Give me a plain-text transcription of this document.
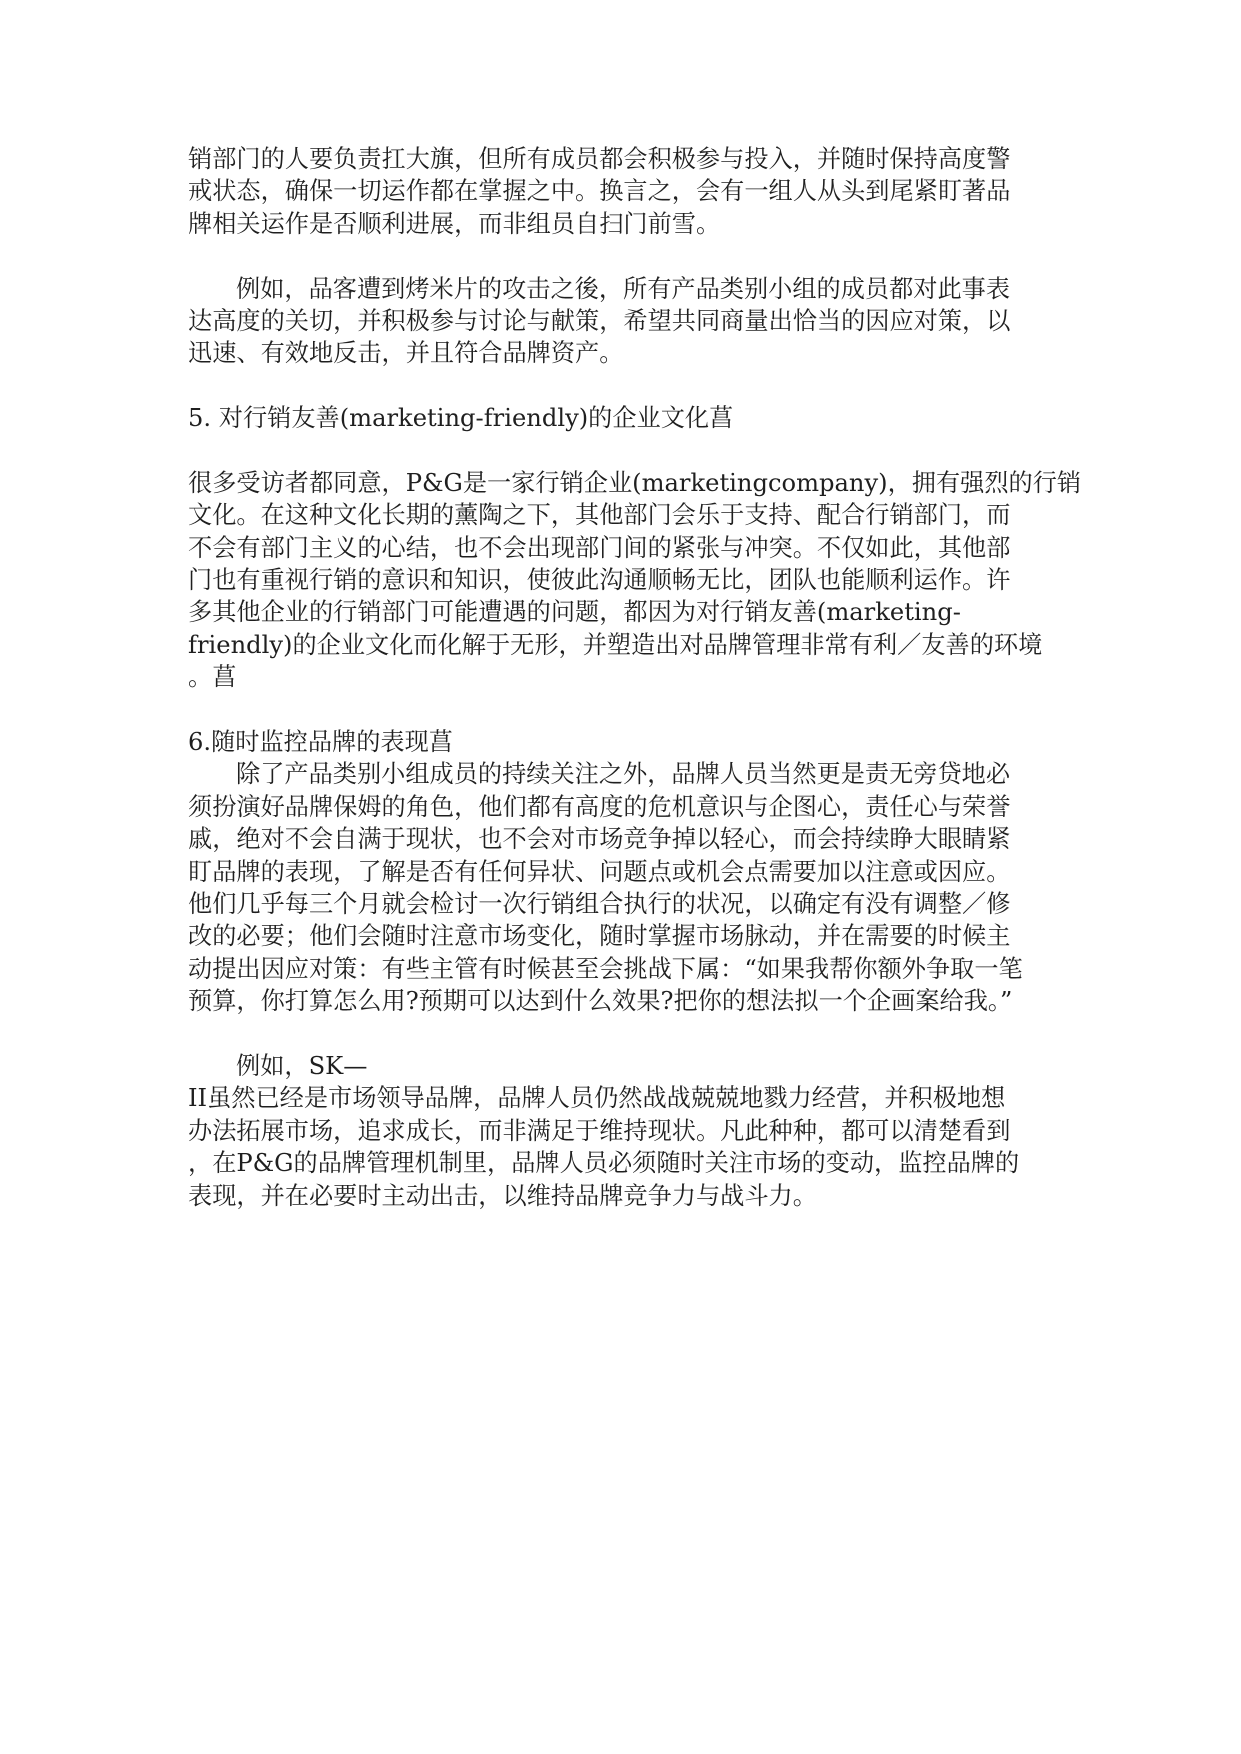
销部门的人要负责扛大旗，但所有成员都会积极参与投入，并随时保持高度警
戒状态，确保一切运作都在掌握之中。换言之，会有一组人从头到尾紧盯著品
牌相关运作是否顺利进展，而非组员自扫门前雪。
例如，品客遭到烤米片的攻击之後，所有产品类别小组的成员都对此事表
达高度的关切，并积极参与讨论与献策，希望共同商量出恰当的因应对策，以
迅速、有效地反击，并且符合品牌资产。
5. 对行销友善(marketing-friendly)的企业文化菖
很多受访者都同意，P&G是一家行销企业(marketingcompany)，拥有强烈的行销
文化。在这种文化长期的薰陶之下，其他部门会乐于支持、配合行销部门，而
不会有部门主义的心结，也不会出现部门间的紧张与冲突。不仅如此，其他部
门也有重视行销的意识和知识，使彼此沟通顺畅无比，团队也能顺利运作。许
多其他企业的行销部门可能遭遇的问题，都因为对行销友善(marketing-
friendly)的企业文化而化解于无形，并塑造出对品牌管理非常有利／友善的环境
。菖
6.随时监控品牌的表现菖
除了产品类别小组成员的持续关注之外，品牌人员当然更是责无旁贷地必
须扮演好品牌保姆的角色，他们都有高度的危机意识与企图心，责任心与荣誉
戚，绝对不会自满于现状，也不会对市场竞争掉以轻心，而会持续睁大眼睛紧
盯品牌的表现，了解是否有任何异状、问题点或机会点需要加以注意或因应。
他们几乎每三个月就会检讨一次行销组合执行的状况，以确定有没有调整／修
改的必要；他们会随时注意市场变化，随时掌握市场脉动，并在需要的时候主
动提出因应对策：有些主管有时候甚至会挑战下属：“如果我帮你额外争取一笔
预算，你打算怎么用?预期可以达到什么效果?把你的想法拟一个企画案给我。”
例如，SK—
II虽然已经是市场领导品牌，品牌人员仍然战战兢兢地戮力经营，并积极地想
办法拓展市场，追求成长，而非满足于维持现状。凡此种种，都可以清楚看到
，在P&G的品牌管理机制里，品牌人员必须随时关注市场的变动，监控品牌的
表现，并在必要时主动出击，以维持品牌竞争力与战斗力。
